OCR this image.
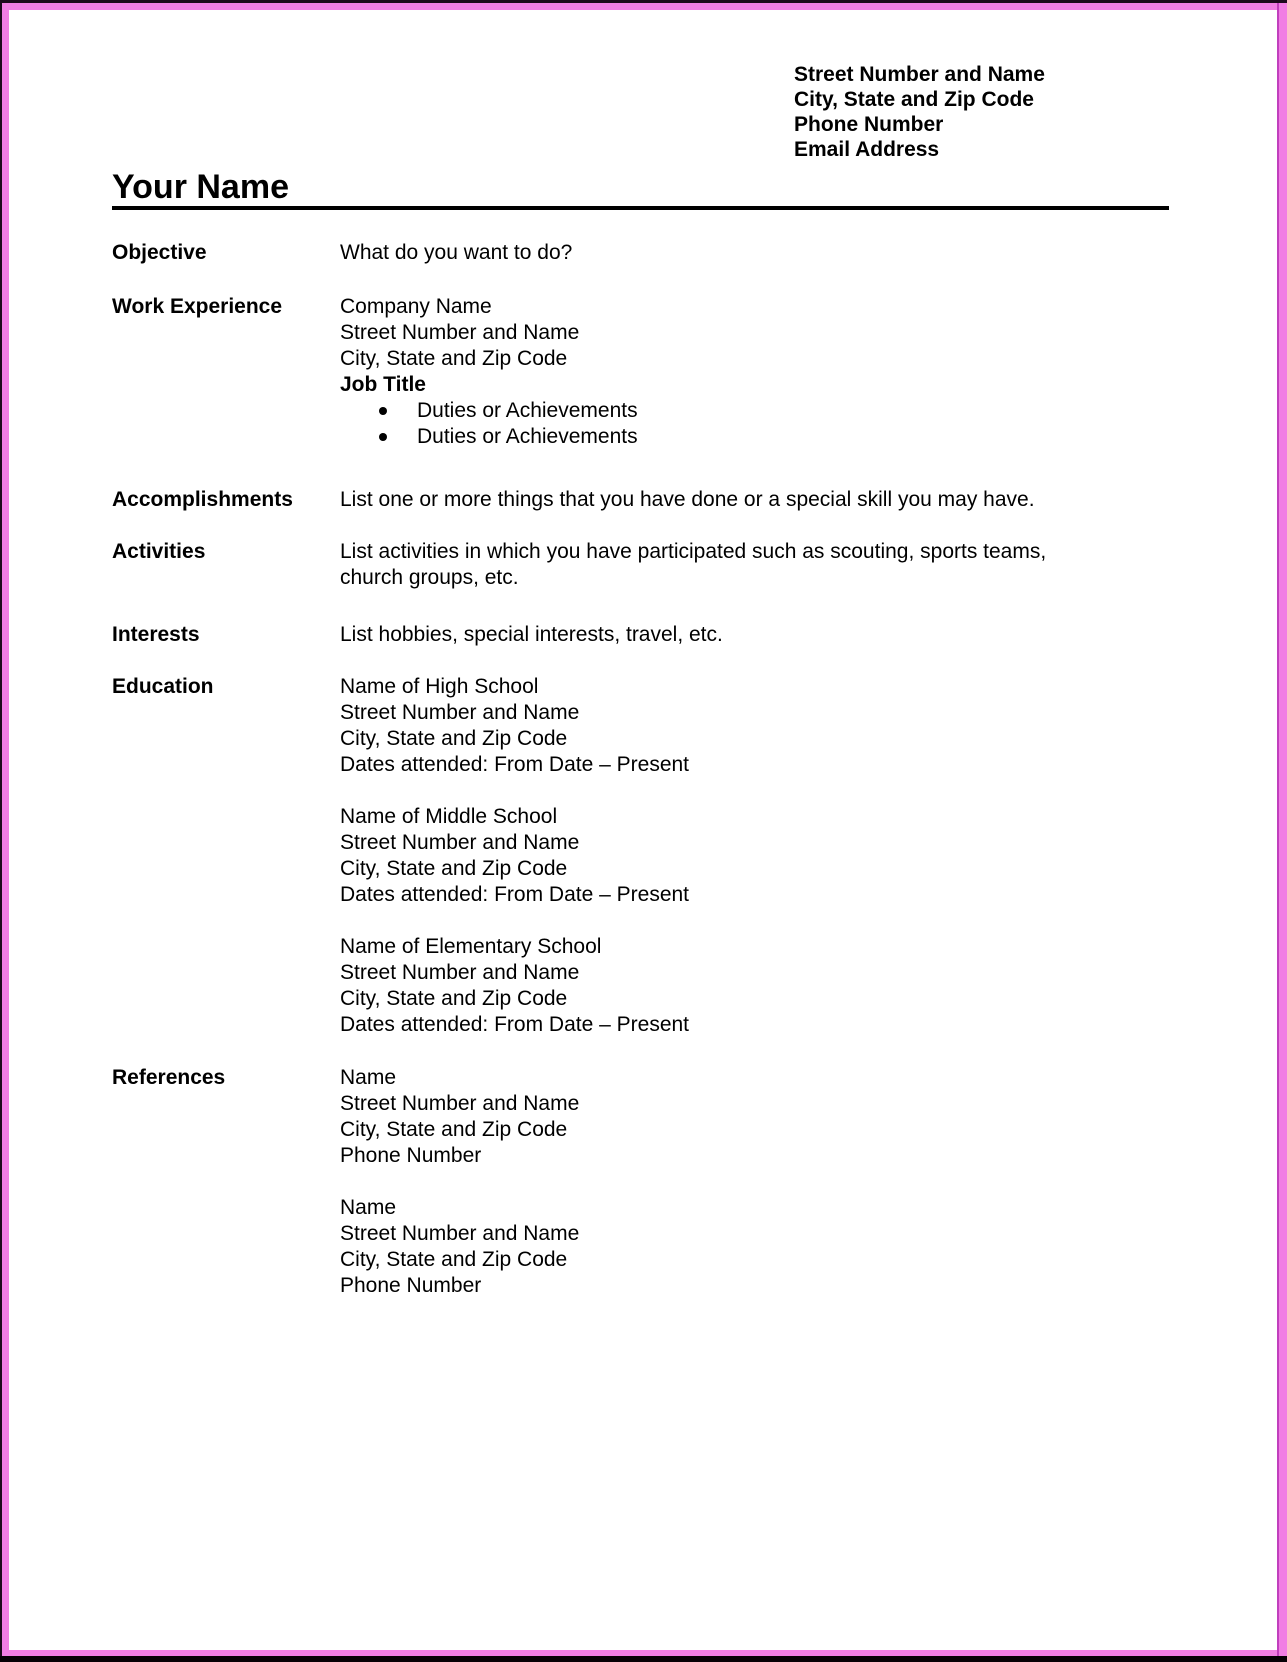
Street Number and Name
City, State and Zip Code
Phone Number
Email Address
Your Name
Objective	What do you want to do?
Work Experience	Company Name
Street Number and Name
City, State and Zip Code
Job Title
Duties or Achievements
Duties or Achievements
Accomplishments	List one or more things that you have done or a special skill you may have.
Activities	List activities in which you have participated such as scouting, sports teams,
church groups, etc.
Interests	List hobbies, special interests, travel, etc.
Education	Name of High School
Street Number and Name
City, State and Zip Code
Dates attended: From Date – Present
Name of Middle School
Street Number and Name
City, State and Zip Code
Dates attended: From Date – Present
Name of Elementary School
Street Number and Name
City, State and Zip Code
Dates attended: From Date – Present
References	Name
Street Number and Name
City, State and Zip Code
Phone Number
Name
Street Number and Name
City, State and Zip Code
Phone Number
